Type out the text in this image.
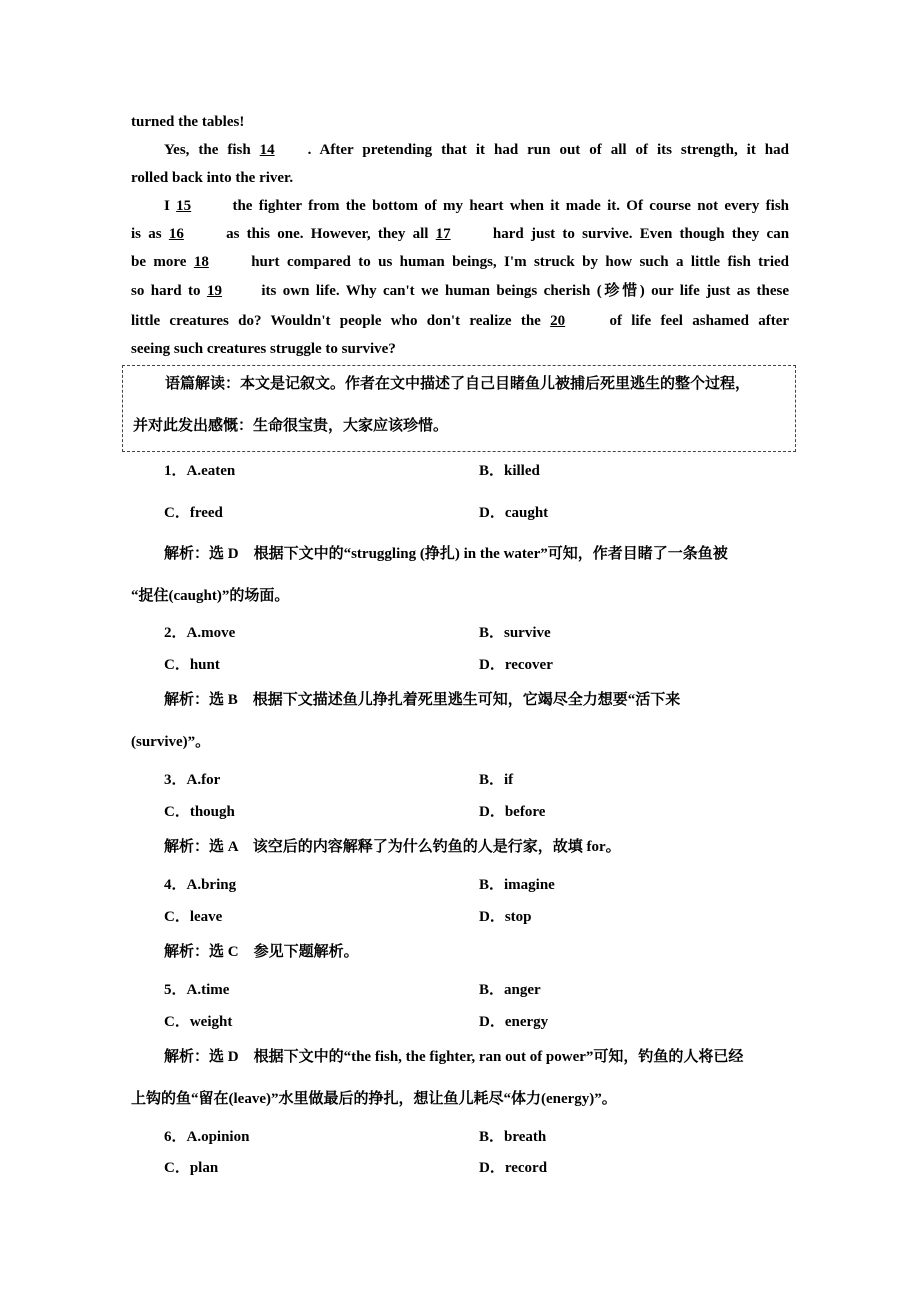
turned the tables!
Yes, the fish 14 . After pretending that it had run out of all of its strength, it had
rolled back into the river.
I 15	the fighter from the bottom of my heart when it made it. Of course not every fish
is as 16	as this one. However, they all 17	hard just to survive. Even though they can
be more 18	hurt compared to us human beings, I'm struck by how such a little fish tried
so hard to 19	its own life. Why can't we human beings cherish (珍惜) our life just as these
little creatures do? Wouldn't people who don't realize the 20	of life feel ashamed after
seeing such creatures struggle to survive?
语篇解读：本文是记叙文。作者在文中描述了自己目睹鱼儿被捕后死里逃生的整个过程，
并对此发出感慨：生命很宝贵，大家应该珍惜。
1．A.eaten	B．killed
C．freed	D．caught
解析：选 D　根据下文中的“struggling (挣扎) in the water”可知，作者目睹了一条鱼被
“捉住(caught)”的场面。
2．A.move	B．survive
C．hunt	D．recover
解析：选 B　根据下文描述鱼儿挣扎着死里逃生可知，它竭尽全力想要“活下来
(survive)”。
3．A.for	B．if
C．though	D．before
解析：选 A　该空后的内容解释了为什么钓鱼的人是行家，故填 for。
4．A.bring	B．imagine
C．leave	D．stop
解析：选 C　参见下题解析。
5．A.time	B．anger
C．weight	D．energy
解析：选 D　根据下文中的“the fish, the fighter, ran out of power”可知，钓鱼的人将已经
上钩的鱼“留在(leave)”水里做最后的挣扎，想让鱼儿耗尽“体力(energy)”。
6．A.opinion	B．breath
C．plan	D．record
